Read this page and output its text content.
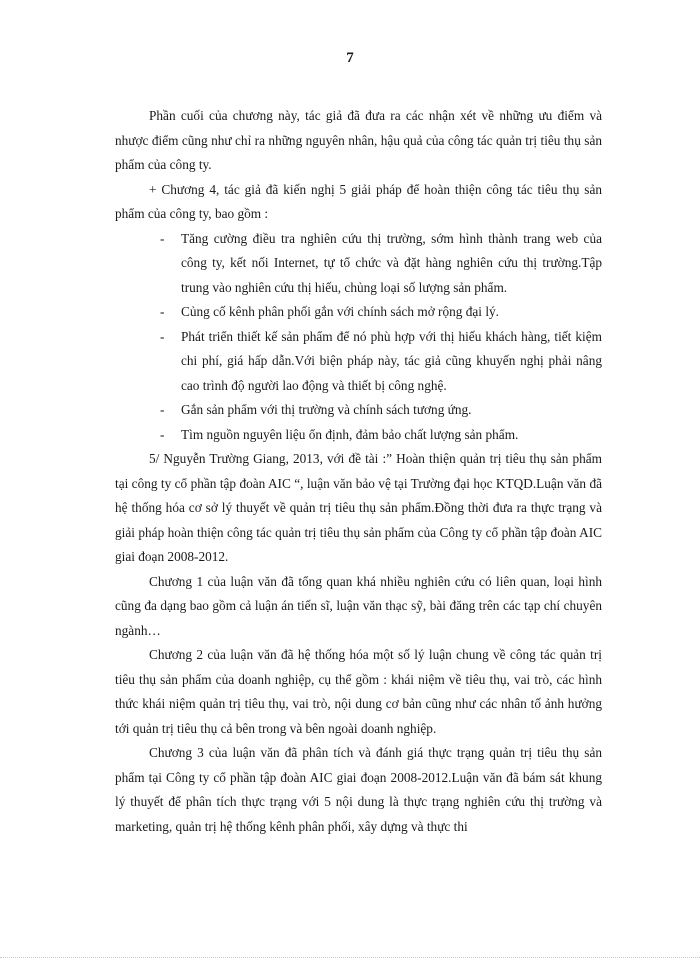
7

Phần cuối của chương này, tác giả đã đưa ra các nhận xét về những ưu điểm và nhược điểm cũng như chỉ ra những nguyên nhân, hậu quả của công tác quản trị tiêu thụ sản phẩm của công ty.

+ Chương 4, tác giả đã kiến nghị 5 giải pháp để hoàn thiện công tác tiêu thụ sản phẩm của công ty, bao gồm :

- Tăng cường điều tra nghiên cứu thị trường, sớm hình thành trang web của công ty, kết nối Internet, tự tổ chức và đặt hàng nghiên cứu thị trường.Tập trung vào nghiên cứu thị hiếu, chủng loại số lượng sản phẩm.
- Củng cố kênh phân phối gắn với chính sách mở rộng đại lý.
- Phát triển thiết kế sản phẩm để nó phù hợp với thị hiếu khách hàng, tiết kiệm chi phí, giá hấp dẫn.Với biện pháp này, tác giả cũng khuyến nghị phải nâng cao trình độ người lao động và thiết bị công nghệ.
- Gắn sản phẩm với thị trường và chính sách tương ứng.
- Tìm nguồn nguyên liệu ổn định, đảm bảo chất lượng sản phẩm.

5/ Nguyễn Trường Giang, 2013, với đề tài :” Hoàn thiện quản trị tiêu thụ sản phẩm tại công ty cổ phần tập đoàn AIC “, luận văn bảo vệ tại Trường đại học KTQD.Luận văn đã hệ thống hóa cơ sở lý thuyết về quản trị tiêu thụ sản phẩm.Đồng thời đưa ra thực trạng và giải pháp hoàn thiện công tác quản trị tiêu thụ sản phẩm của Công ty cổ phần tập đoàn AIC giai đoạn 2008-2012.

Chương 1 của luận văn đã tổng quan khá nhiều nghiên cứu có liên quan, loại hình cũng đa dạng bao gồm cả luận án tiến sĩ, luận văn thạc sỹ, bài đăng trên các tạp chí chuyên ngành…

Chương 2 của luận văn đã hệ thống hóa một số lý luận chung về công tác quản trị tiêu thụ sản phẩm của doanh nghiệp, cụ thể gồm : khái niệm về tiêu thụ, vai trò, các hình thức khái niệm quản trị tiêu thụ, vai trò, nội dung cơ bản cũng như các nhân tố ảnh hưởng tới quản trị tiêu thụ cả bên trong và bên ngoài doanh nghiệp.

Chương 3 của luận văn đã phân tích và đánh giá thực trạng quản trị tiêu thụ sản phẩm tại Công ty cổ phần tập đoàn AIC giai đoạn 2008-2012.Luận văn đã bám sát khung lý thuyết để phân tích thực trạng với 5 nội dung là thực trạng nghiên cứu thị trường và marketing, quản trị hệ thống kênh phân phối, xây dựng và thực thi
